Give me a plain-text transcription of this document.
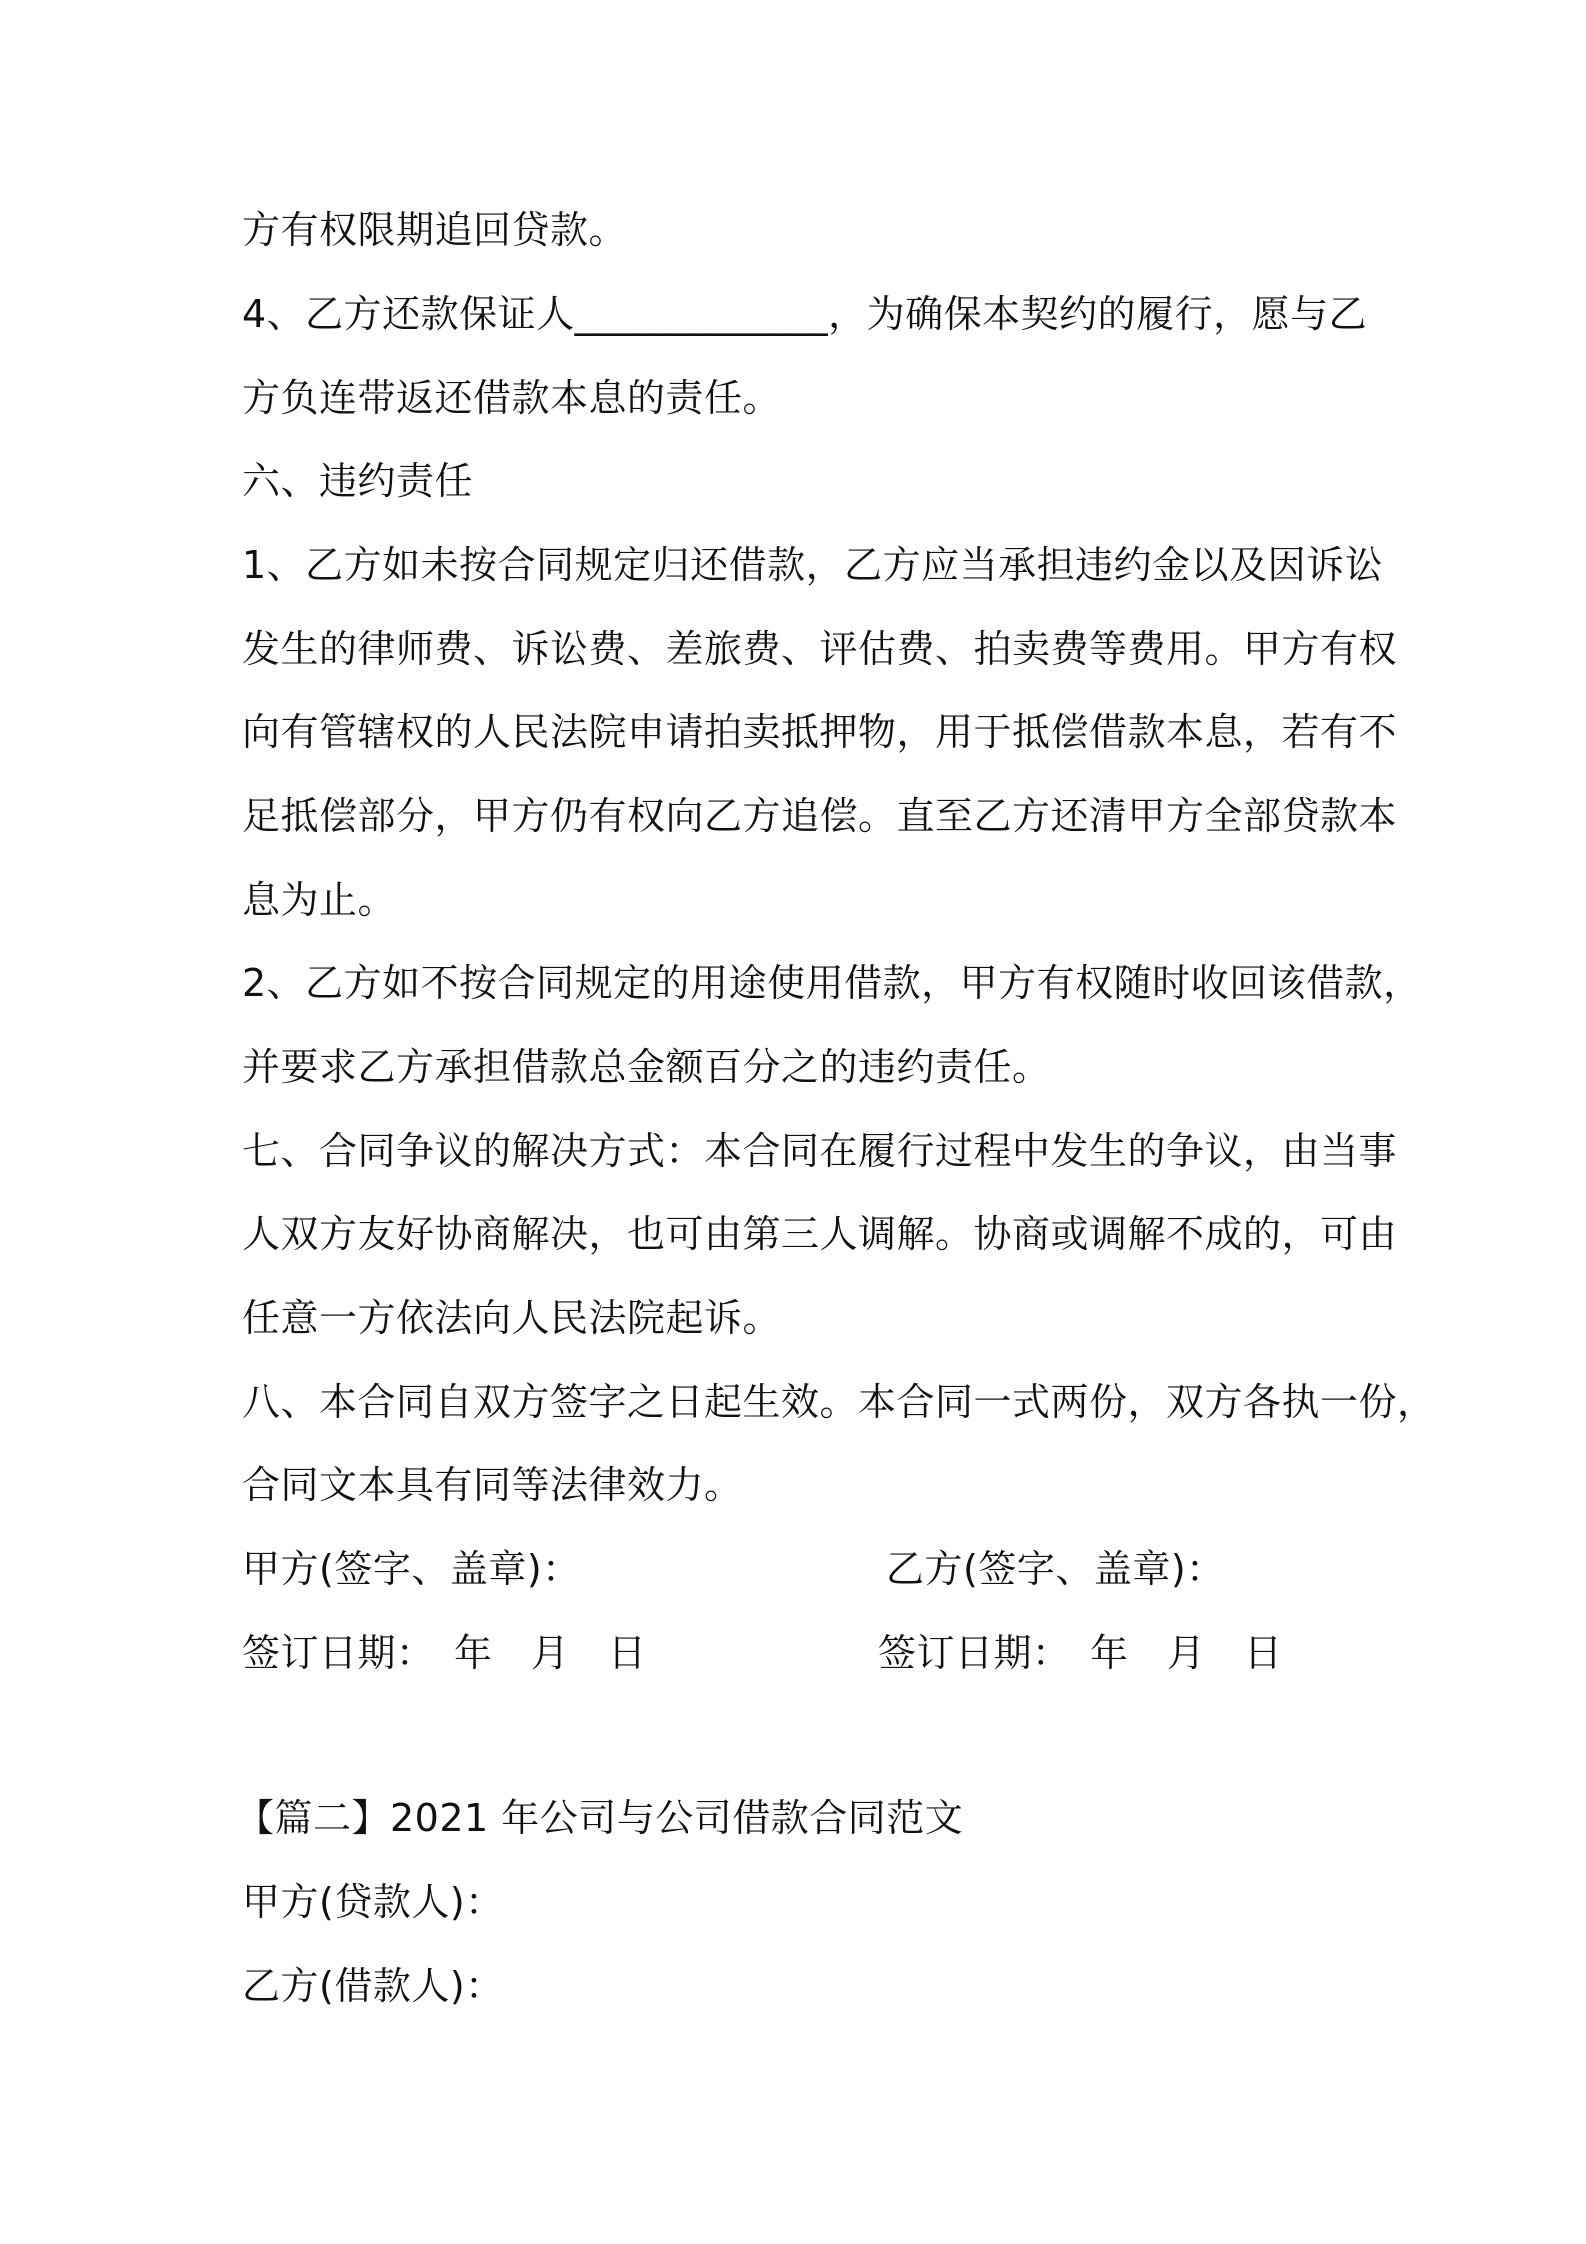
方有权限期追回贷款。
4、乙方还款保证人_____________，为确保本契约的履行，愿与乙
方负连带返还借款本息的责任。
六、违约责任
1、乙方如未按合同规定归还借款，乙方应当承担违约金以及因诉讼
发生的律师费、诉讼费、差旅费、评估费、拍卖费等费用。甲方有权
向有管辖权的人民法院申请拍卖抵押物，用于抵偿借款本息，若有不
足抵偿部分，甲方仍有权向乙方追偿。直至乙方还清甲方全部贷款本
息为止。
2、乙方如不按合同规定的用途使用借款，甲方有权随时收回该借款，
并要求乙方承担借款总金额百分之的违约责任。
七、合同争议的解决方式：本合同在履行过程中发生的争议，由当事
人双方友好协商解决，也可由第三人调解。协商或调解不成的，可由
任意一方依法向人民法院起诉。
八、本合同自双方签字之日起生效。本合同一式两份，双方各执一份，
合同文本具有同等法律效力。
甲方(签字、盖章)：	乙方(签字、盖章)：
签订日期：　年　月　日	签订日期：　年　月　日
【篇二】2021 年公司与公司借款合同范文
甲方(贷款人)：
乙方(借款人)：
